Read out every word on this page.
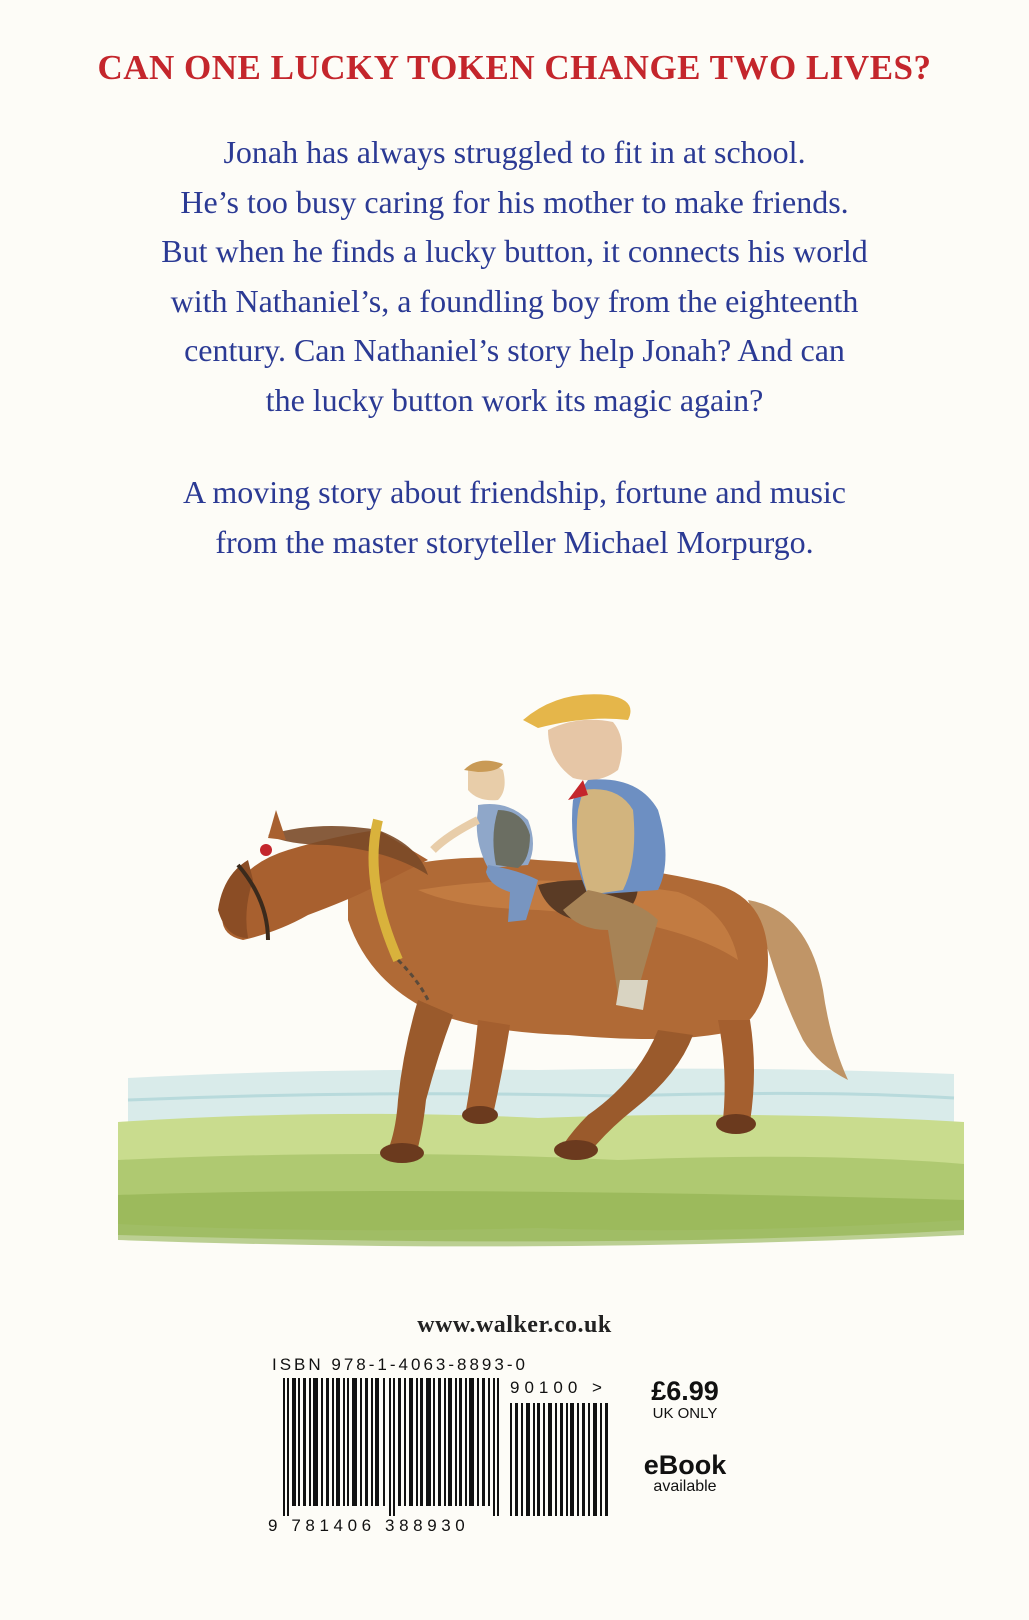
CAN ONE LUCKY TOKEN CHANGE TWO LIVES?
Jonah has always struggled to fit in at school.
He’s too busy caring for his mother to make friends.
But when he finds a lucky button, it connects his world
with Nathaniel’s, a foundling boy from the eighteenth
century. Can Nathaniel’s story help Jonah? And can
the lucky button work its magic again?
A moving story about friendship, fortune and music
from the master storyteller Michael Morpurgo.
www.walker.co.uk
ISBN 978-1-4063-8893-0
90100 >
9 781406 388930
£6.99
UK ONLY
eBook
available
